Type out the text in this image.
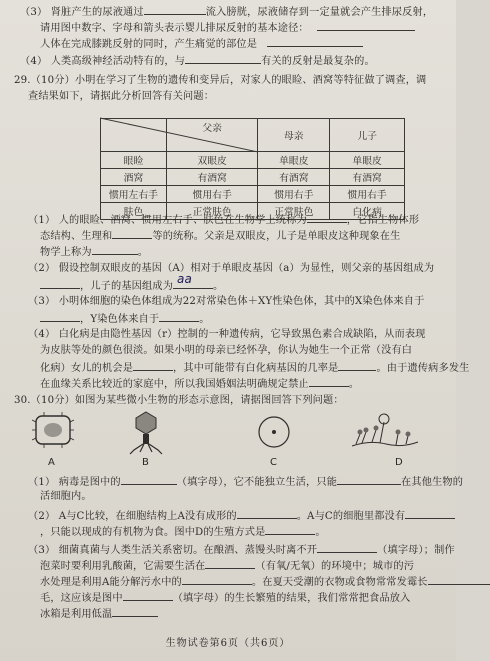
（3） 肾脏产生的尿液通过	流入膀胱，尿液储存到一定量就会产生排尿反射，
请用图中数字、字母和箭头表示婴儿排尿反射的基本途径：
人体在完成膝跳反射的同时，产生痛觉的部位是
（4） 人类高级神经活动特有的，与	有关的反射是最复杂的。
29.（10分）小明在学习了生物的遗传和变异后，对家人的眼睑、酒窝等特征做了调查，调
查结果如下，请据此分析回答有关问题：
	父亲	母亲	儿子

眼睑	双眼皮	单眼皮	单眼皮
酒窝	有酒窝	有酒窝	有酒窝
惯用左右手	惯用右手	惯用右手	惯用右手
肤色	正常肤色	正常肤色	白化病
（1） 人的眼睑、酒窝、惯用左右手、肤色在生物学上统称为	，它指生物体形
态结构、生理和	等的统称。父亲是双眼皮，儿子是单眼皮这种现象在生
物学上称为	。
（2） 假设控制双眼皮的基因（A）相对于单眼皮基因（a）为显性，则父亲的基因组成为
，儿子的基因组成为
aa
。
（3） 小明体细胞的染色体组成为22对常染色体＋XY性染色体，其中的X染色体来自于
，Y染色体来自于	。
（4） 白化病是由隐性基因（r）控制的一种遗传病，它导致黑色素合成缺陷，从而表现
为皮肤等处的颜色很淡。如果小明的母亲已经怀孕，你认为她生一个正常（没有白
化病）女儿的机会是	，其中可能带有白化病基因的几率是	。由于遗传病多发生
在血缘关系比较近的家庭中，所以我国婚姻法明确规定禁止	。
30.（10分）如图为某些微小生物的形态示意图，请据图回答下列问题：
A	B	C	D
（1） 病毒是图中的	（填字母），它不能独立生活，只能	在其他生物的
活细胞内。
（2） A与C比较，在细胞结构上A没有成形的	。A与C的细胞里都没有
，只能以现成的有机物为食。图中D的生殖方式是	。
（3） 细菌真菌与人类生活关系密切。在酿酒、蒸馒头时离不开	（填字母）；制作
泡菜时要利用乳酸菌，它需要生活在	（有氧/无氧）的环境中；城市的污
水处理是利用A能分解污水中的	。在夏天受潮的衣物或食物常常发霉长
毛，这应该是图中	（填字母）的生长繁殖的结果，我们常常把食品放入
冰箱是利用低温
生物试卷第6页（共6页）
